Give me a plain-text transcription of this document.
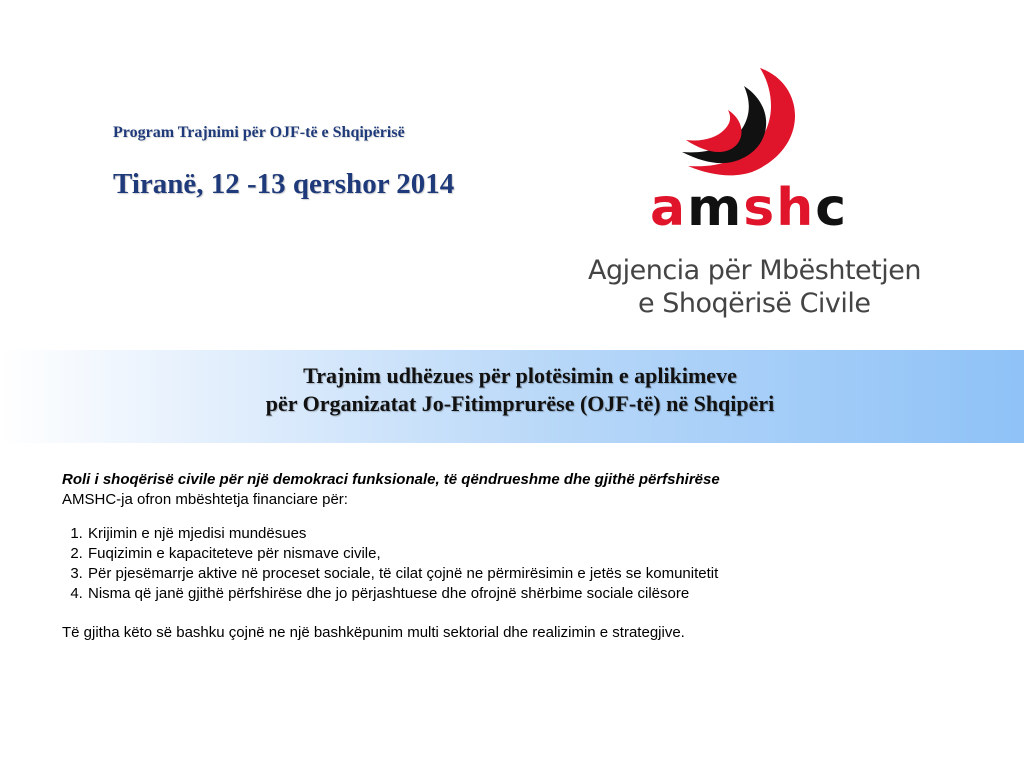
Program Trajnimi për OJF-të e Shqipërisë
Tiranë, 12 -13 qershor 2014	amshc
Agjencia për Mbështetjen
e Shoqërisë Civile
Trajnim udhëzues për plotësimin e aplikimeve
për Organizatat Jo-Fitimprurëse (OJF-të) në Shqipëri
Roli i shoqërisë civile për një demokraci funksionale, të qëndrueshme dhe gjithë përfshirëse
AMSHC-ja ofron mbështetja financiare për:
1. Krijimin e një mjedisi mundësues
2. Fuqizimin e kapaciteteve për nismave civile,
3. Për pjesëmarrje aktive në proceset sociale, të cilat çojnë ne përmirësimin e jetës se komunitetit
4. Nisma që janë gjithë përfshirëse dhe jo përjashtuese dhe ofrojnë shërbime sociale cilësore
Të gjitha këto së bashku çojnë ne një bashkëpunim multi sektorial dhe realizimin e strategjive.
